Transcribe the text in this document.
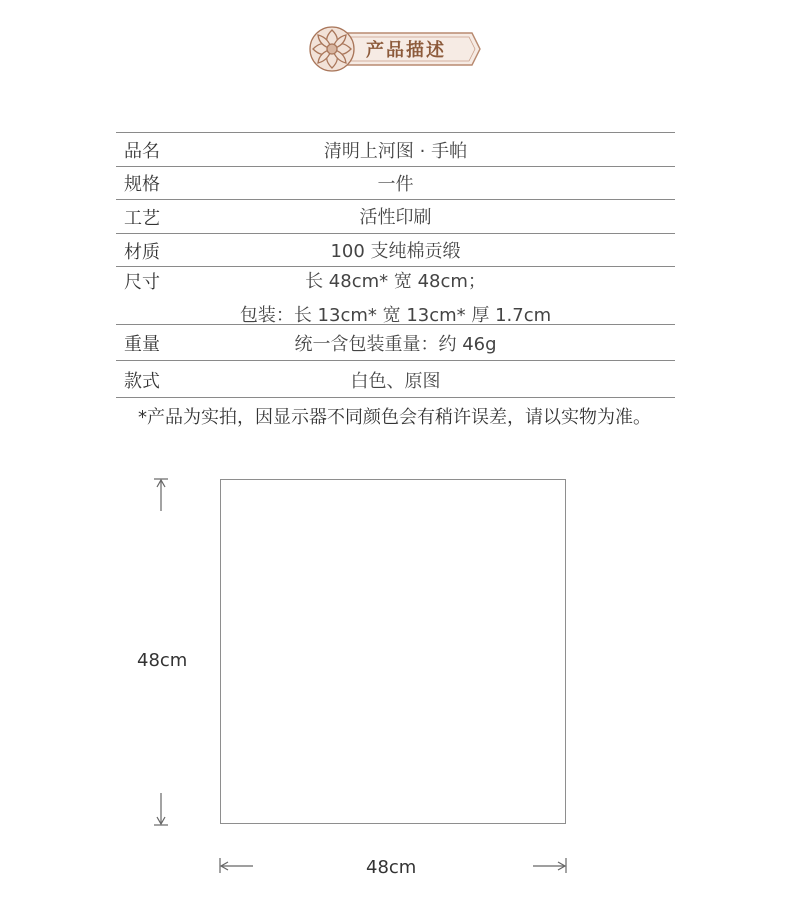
产品描述
品名	清明上河图 · 手帕
规格	一件
工艺	活性印刷
材质	100 支纯棉贡缎
尺寸	长 48cm* 宽 48cm；
包装：长 13cm* 宽 13cm* 厚 1.7cm
重量	统一含包装重量：约 46g
款式	白色、原图
*产品为实拍，因显示器不同颜色会有稍许误差，请以实物为准。
48cm
48cm
